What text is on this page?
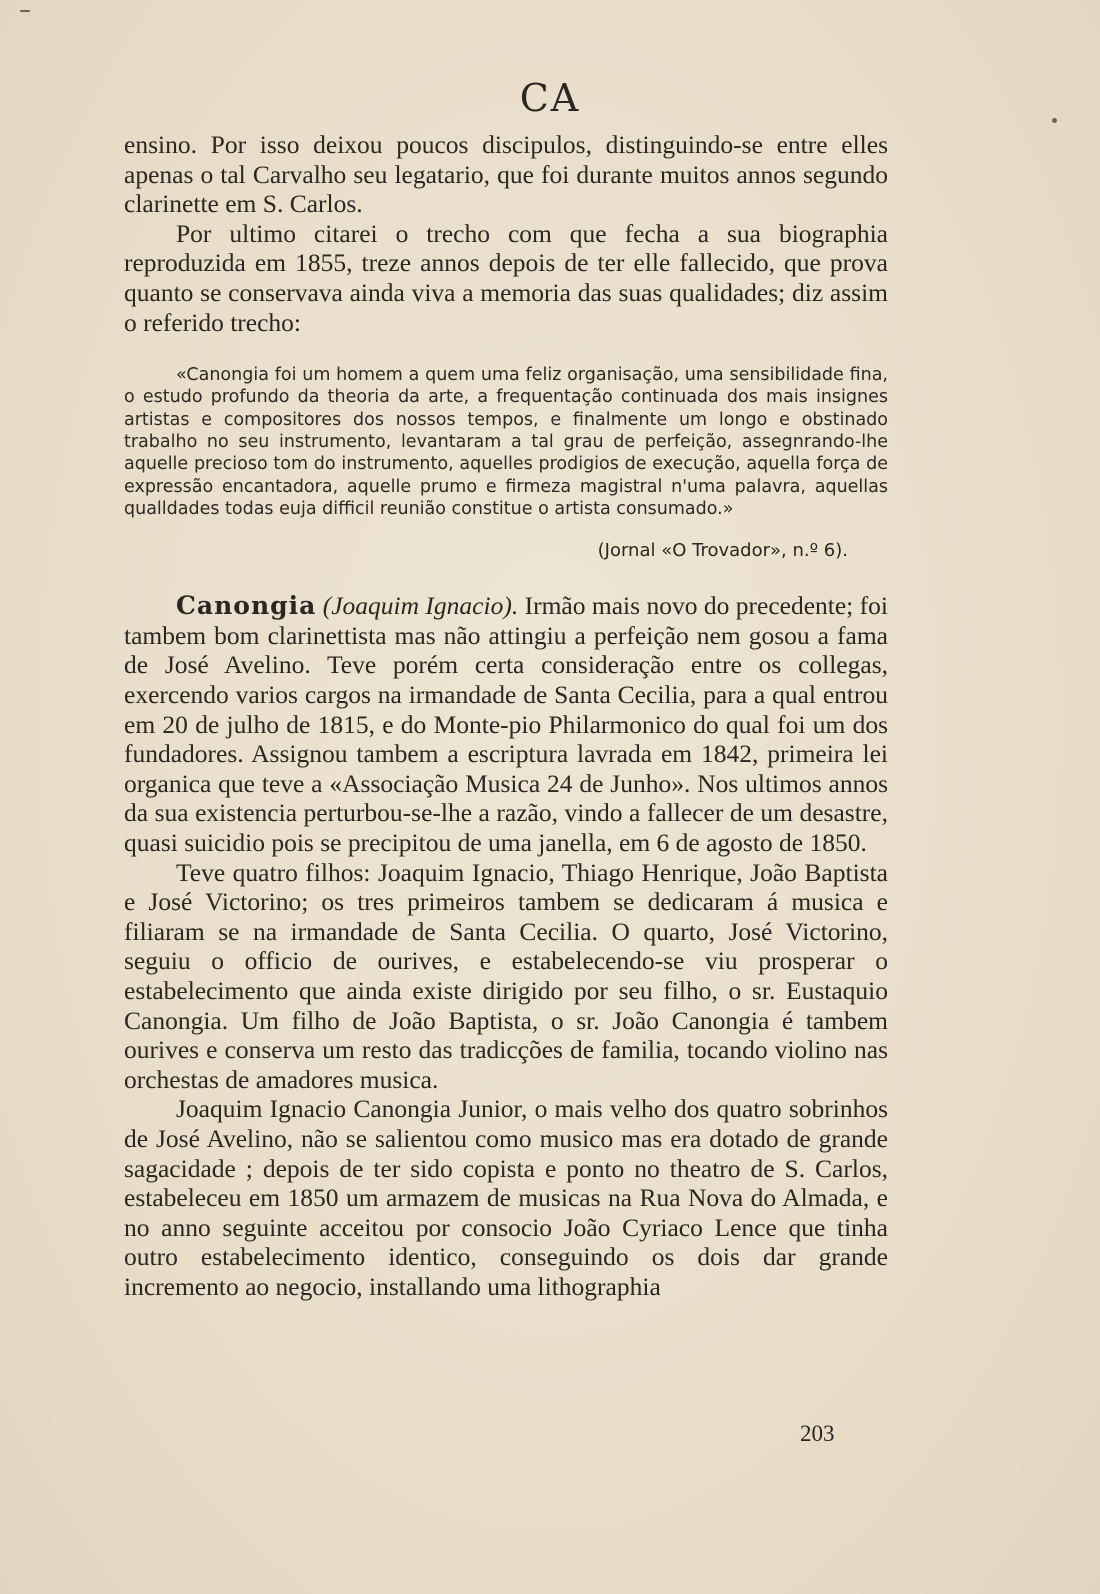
CA

ensino. Por isso deixou poucos discipulos, distinguindo-se entre elles apenas o tal Carvalho seu legatario, que foi durante muitos annos segundo clarinette em S. Carlos.

Por ultimo citarei o trecho com que fecha a sua biographia reproduzida em 1855, treze annos depois de ter elle fallecido, que prova quanto se conservava ainda viva a memoria das suas qualidades; diz assim o referido trecho:

«Canongia foi um homem a quem uma feliz organisação, uma sensibilidade fina, o estudo profundo da theoria da arte, a frequentação continuada dos mais insignes artistas e compositores dos nossos tempos, e finalmente um longo e obstinado trabalho no seu instrumento, levantaram a tal grau de perfeição, assegnrando-lhe aquelle precioso tom do instrumento, aquelles prodigios de execução, aquella força de expressão encantadora, aquelle prumo e firmeza magistral n'uma palavra, aquellas qualldades todas euja difficil reunião constitue o artista consumado.»

(Jornal «O Trovador», n.º 6).

Canongia (Joaquim Ignacio). Irmão mais novo do precedente; foi tambem bom clarinettista mas não attingiu a perfeição nem gosou a fama de José Avelino. Teve porém certa consideração entre os collegas, exercendo varios cargos na irmandade de Santa Cecilia, para a qual entrou em 20 de julho de 1815, e do Monte-pio Philarmonico do qual foi um dos fundadores. Assignou tambem a escriptura lavrada em 1842, primeira lei organica que teve a «Associação Musica 24 de Junho». Nos ultimos annos da sua existencia perturbou-se-lhe a razão, vindo a fallecer de um desastre, quasi suicidio pois se precipitou de uma janella, em 6 de agosto de 1850.

Teve quatro filhos: Joaquim Ignacio, Thiago Henrique, João Baptista e José Victorino; os tres primeiros tambem se dedicaram á musica e filiaram se na irmandade de Santa Cecilia. O quarto, José Victorino, seguiu o officio de ourives, e estabelecendo-se viu prosperar o estabelecimento que ainda existe dirigido por seu filho, o sr. Eustaquio Canongia. Um filho de João Baptista, o sr. João Canongia é tambem ourives e conserva um resto das tradicções de familia, tocando violino nas orchestas de amadores musica.

Joaquim Ignacio Canongia Junior, o mais velho dos quatro sobrinhos de José Avelino, não se salientou como musico mas era dotado de grande sagacidade ; depois de ter sido copista e ponto no theatro de S. Carlos, estabeleceu em 1850 um armazem de musicas na Rua Nova do Almada, e no anno seguinte acceitou por consocio João Cyriaco Lence que tinha outro estabelecimento identico, conseguindo os dois dar grande incremento ao negocio, installando uma lithographia

203
